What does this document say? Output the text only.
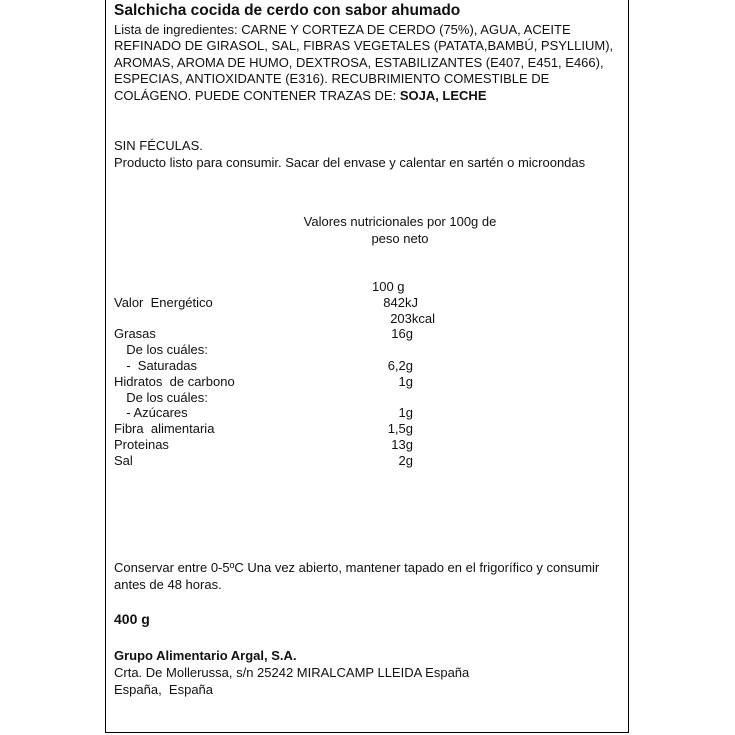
Salchicha cocida de cerdo con sabor ahumado
Lista de ingredientes: CARNE Y CORTEZA DE CERDO (75%), AGUA, ACEITE REFINADO DE GIRASOL, SAL, FIBRAS VEGETALES (PATATA,BAMBÚ, PSYLLIUM), AROMAS, AROMA DE HUMO, DEXTROSA, ESTABILIZANTES (E407, E451, E466), ESPECIAS, ANTIOXIDANTE (E316). RECUBRIMIENTO COMESTIBLE DE COLÁGENO. PUEDE CONTENER TRAZAS DE: SOJA, LECHE
SIN FÉCULAS.
Producto listo para consumir. Sacar del envase y calentar en sartén o microondas
Valores nutricionales por 100g de peso neto
100 g
Valor  Energético	842kJ
203kcal
Grasas	16g
De los cuáles:
-  Saturadas	6,2g
Hidratos  de carbono	1g
De los cuáles:
- Azúcares	1g
Fibra  alimentaria	1,5g
Proteinas	13g
Sal	2g
Conservar entre 0-5ºC Una vez abierto, mantener tapado en el frigorífico y consumir antes de 48 horas.
400 g
Grupo Alimentario Argal, S.A.
Crta. De Mollerussa, s/n 25242 MIRALCAMP LLEIDA España
España,  España
